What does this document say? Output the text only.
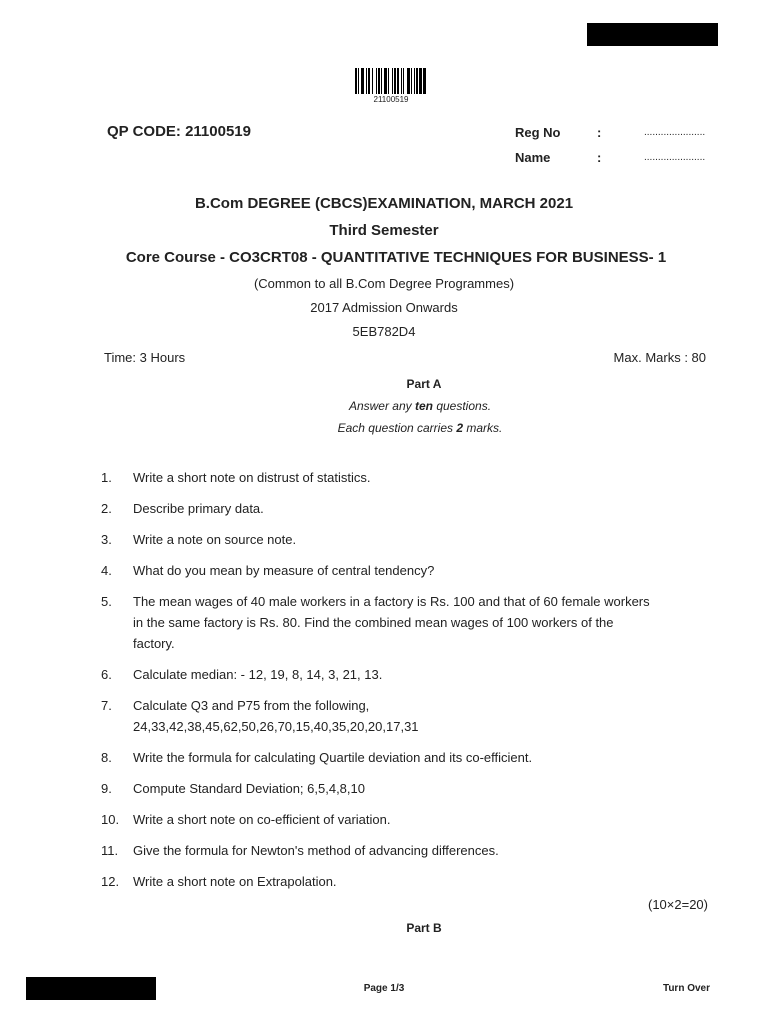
21100519
QP CODE: 21100519	Reg No	:	......................
Name	:	......................
B.Com DEGREE (CBCS)EXAMINATION, MARCH 2021
Third Semester
Core Course - CO3CRT08 - QUANTITATIVE TECHNIQUES FOR BUSINESS- 1
(Common to all B.Com Degree Programmes)
2017 Admission Onwards
5EB782D4
Time: 3 Hours	Max. Marks : 80
Part A
Answer any ten questions.
Each question carries 2 marks.
1.	Write a short note on distrust of statistics.
2.	Describe primary data.
3.	Write a note on source note.
4.	What do you mean by measure of central tendency?
5.	The mean wages of 40 male workers in a factory is Rs. 100 and that of 60 female workers
in the same factory is Rs. 80. Find the combined mean wages of 100 workers of the
factory.
6.	Calculate median: - 12, 19, 8, 14, 3, 21, 13.
7.	Calculate Q3 and P75 from the following,
24,33,42,38,45,62,50,26,70,15,40,35,20,20,17,31
8.	Write the formula for calculating Quartile deviation and its co-efficient.
9.	Compute Standard Deviation; 6,5,4,8,10
10.	Write a short note on co-efficient of variation.
11.	Give the formula for Newton's method of advancing differences.
12.	Write a short note on Extrapolation.
(10×2=20)
Part B
Page 1/3	Turn Over
